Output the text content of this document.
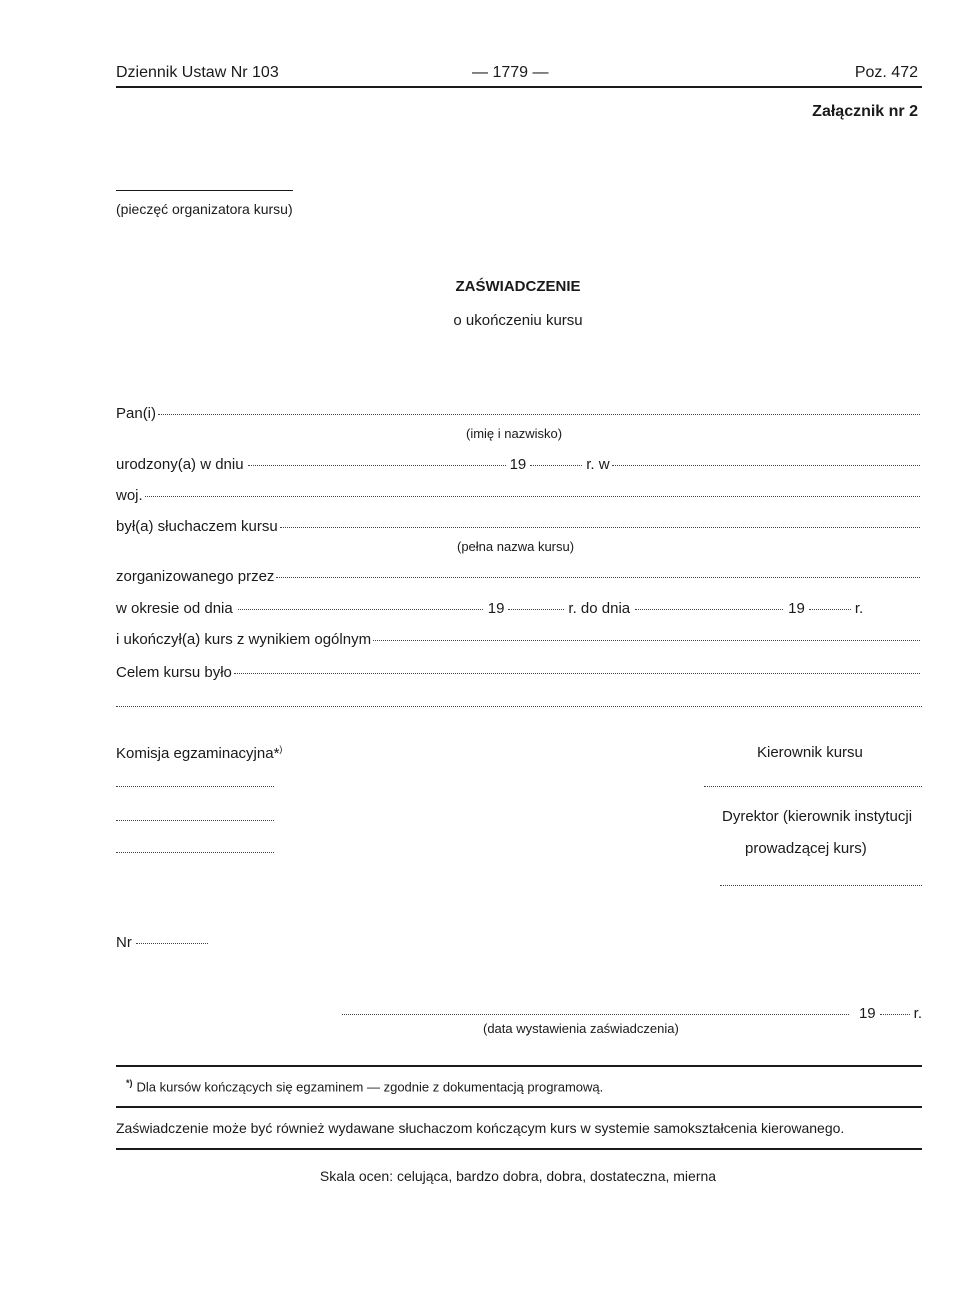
Dziennik Ustaw Nr 103	— 1779 —	Poz. 472
Załącznik nr 2
(pieczęć organizatora kursu)
ZAŚWIADCZENIE
o ukończeniu kursu
Pan(i)
(imię i nazwisko)
urodzony(a) w dniu	19	r. w
woj.
był(a) słuchaczem kursu
(pełna nazwa kursu)
zorganizowanego przez
w okresie od dnia	19	r. do dnia	19	r.
i ukończył(a) kurs z wynikiem ogólnym
Celem kursu było
Komisja egzaminacyjna*)	Kierownik kursu
Dyrektor (kierownik instytucji
prowadzącej kurs)
Nr
19	r.
(data wystawienia zaświadczenia)
*) Dla kursów kończących się egzaminem — zgodnie z dokumentacją programową.
Zaświadczenie może być również wydawane słuchaczom kończącym kurs w systemie samokształcenia kierowanego.
Skala ocen: celująca, bardzo dobra, dobra, dostateczna, mierna
